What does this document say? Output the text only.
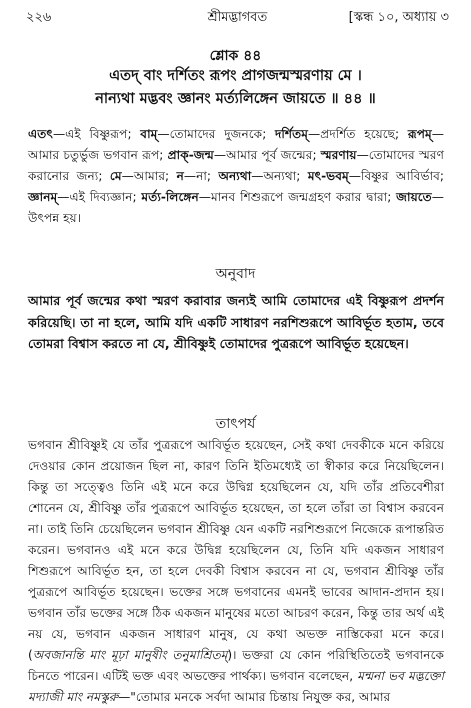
২২৬	শ্রীমদ্ভাগবত	[স্কন্ধ ১০, অধ্যায় ৩
শ্লোক ৪৪
এতদ্ বাং দর্শিতং রূপং প্রাগজন্মস্মরণায় মে ।
নান্যথা মদ্ভবং জ্ঞানং মর্ত্যলিঙ্গেন জায়তে ॥ ৪৪ ॥
এতৎ—এই বিষ্ণুরূপ; বাম্—তোমাদের দুজনকে; দর্শিতম্—প্রদর্শিত হয়েছে; রূপম্—আমার চতুর্ভুজ ভগবান রূপ; প্রাক্-জন্ম—আমার পূর্ব জন্মের; স্মরণায়—তোমাদের স্মরণ করানোর জন্য; মে—আমার; ন—না; অন্যথা—অন্যথা; মৎ-ভবম্—বিষ্ণুর আবির্ভাব; জ্ঞানম্—এই দিব্যজ্ঞান; মর্ত্য-লিঙ্গেন—মানব শিশুরূপে জন্মগ্রহণ করার দ্বারা; জায়তে—উৎপন্ন হয়।
অনুবাদ
আমার পূর্ব জন্মের কথা স্মরণ করাবার জন্যই আমি তোমাদের এই বিষ্ণুরূপ প্রদর্শন করিয়েছি। তা না হলে, আমি যদি একটি সাধারণ নরশিশুরূপে আবির্ভূত হতাম, তবে তোমরা বিশ্বাস করতে না যে, শ্রীবিষ্ণুই তোমাদের পুত্ররূপে আবির্ভূত হয়েছেন।
তাৎপর্য
ভগবান শ্রীবিষ্ণুই যে তাঁর পুত্ররূপে আবির্ভূত হয়েছেন, সেই কথা দেবকীকে মনে করিয়ে দেওয়ার কোন প্রয়োজন ছিল না, কারণ তিনি ইতিমধ্যেই তা স্বীকার করে নিয়েছিলেন। কিন্তু তা সত্ত্বেও তিনি এই মনে করে উদ্বিগ্ন হয়েছিলেন যে, যদি তাঁর প্রতিবেশীরা শোনেন যে, শ্রীবিষ্ণু তাঁর পুত্ররূপে আবির্ভূত হয়েছেন, তা হলে তাঁরা তা বিশ্বাস করবেন না। তাই তিনি চেয়েছিলেন ভগবান শ্রীবিষ্ণু যেন একটি নরশিশুরূপে নিজেকে রূপান্তরিত করেন। ভগবানও এই মনে করে উদ্বিগ্ন হয়েছিলেন যে, তিনি যদি একজন সাধারণ শিশুরূপে আবির্ভূত হন, তা হলে দেবকী বিশ্বাস করবেন না যে, ভগবান শ্রীবিষ্ণু তাঁর পুত্ররূপে আবির্ভূত হয়েছেন। ভক্তের সঙ্গে ভগবানের এমনই ভাবের আদান-প্রদান হয়। ভগবান তাঁর ভক্তের সঙ্গে ঠিক একজন মানুষের মতো আচরণ করেন, কিন্তু তার অর্থ এই নয় যে, ভগবান একজন সাধারণ মানুষ, যে কথা অভক্ত নাস্তিকেরা মনে করে। (অবজানন্তি মাং মূঢ়া মানুষীং তনুমাশ্রিতম্)। ভক্তরা যে কোন পরিস্থিতিতেই ভগবানকে চিনতে পারেন। এটিই ভক্ত এবং অভক্তের পার্থক্য। ভগবান বলেছেন, মন্মনা ভব মদ্ভক্তো মদ্যাজী মাং নমস্কুরু—"তোমার মনকে সর্বদা আমার চিন্তায় নিযুক্ত কর, আমার
